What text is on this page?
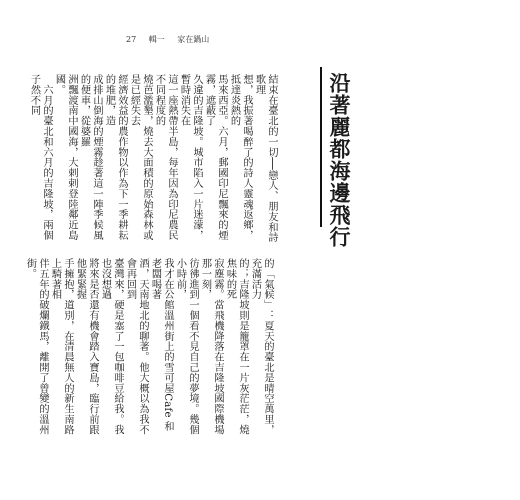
27 輯一 家在鍋山
沿著麗都海邊飛行

結束在臺北的一切──戀人、朋友和詩歌理

想，我振著喝醉了的詩人靈魂返鄉，抵達炎熱的

馬來西亞。六月，郵國印尼飄來的煙霧，遮蔽了

久違的吉隆坡。城市陷入一片迷濛，暫時消失在

這一座熱帶半島，每年因為印尼農民不同程度的

燒芭濫墾，燒去大面積的原始森林或是已經失去

經濟效益的農作物以作為下一季耕耘的堆肥，造

成排山倒海的煙霧趁著這一陣季候風的便車，從婆羅

洲飄渡南中國海，大剌剌登陸鄰近島國。

　六月的臺北和六月的吉隆坡，兩個子然不同

的「氣候」：夏天的臺北是晴空萬里，充滿活力

的；吉隆坡則是籠罩在一片灰茫茫，燒焦味的死

寂塵霧。當飛機降落在吉隆坡國際機場那一刻，

彷彿進到一個看不見自己的夢境。幾個小時前，

我才在公館溫州街上的雪可屋Cafe 和老闆喝著

酒，天南地北的聊著。他大概以為我不會再回到

臺灣來，硬是塞了一包咖啡豆給我。我也沒想過

將來是否還有機會踏入寶島，臨行前跟他緊緊握

手擁抱，道別，在清晨無人的新生南路上騎著相

伴五年的破爛鐵馬，離開了曾變的溫州街。
